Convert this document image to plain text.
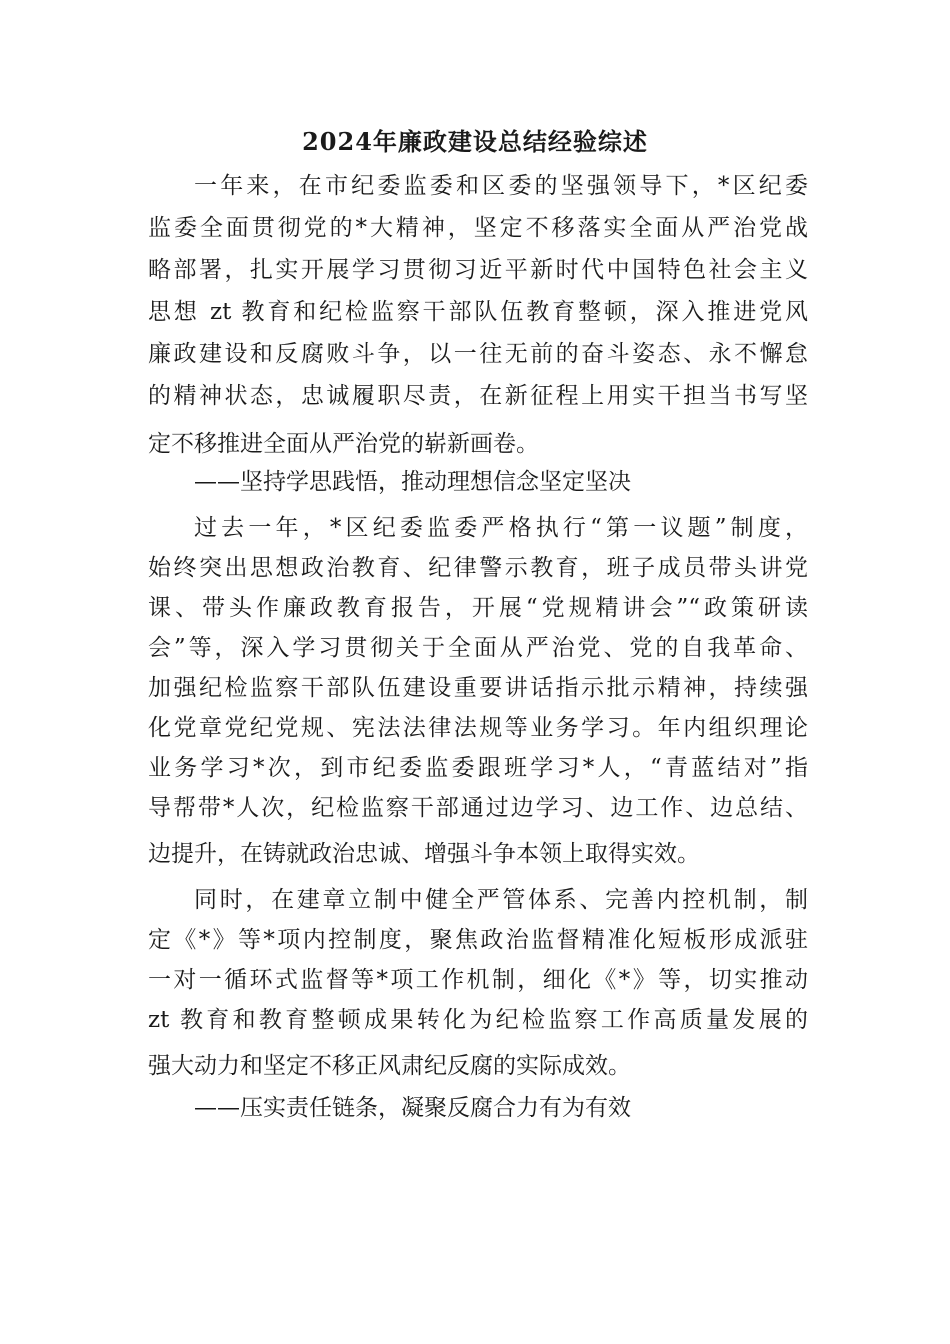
2024年廉政建设总结经验综述
一年来，在市纪委监委和区委的坚强领导下，*区纪委
监委全面贯彻党的*大精神，坚定不移落实全面从严治党战
略部署，扎实开展学习贯彻习近平新时代中国特色社会主义
思想 zt 教育和纪检监察干部队伍教育整顿，深入推进党风
廉政建设和反腐败斗争，以一往无前的奋斗姿态、永不懈怠
的精神状态，忠诚履职尽责，在新征程上用实干担当书写坚
定不移推进全面从严治党的崭新画卷。
——坚持学思践悟，推动理想信念坚定坚决
过去一年，*区纪委监委严格执行“第一议题”制度，
始终突出思想政治教育、纪律警示教育，班子成员带头讲党
课、带头作廉政教育报告，开展“党规精讲会”“政策研读
会”等，深入学习贯彻关于全面从严治党、党的自我革命、
加强纪检监察干部队伍建设重要讲话指示批示精神，持续强
化党章党纪党规、宪法法律法规等业务学习。年内组织理论
业务学习*次，到市纪委监委跟班学习*人，“青蓝结对”指
导帮带*人次，纪检监察干部通过边学习、边工作、边总结、
边提升，在铸就政治忠诚、增强斗争本领上取得实效。
同时，在建章立制中健全严管体系、完善内控机制，制
定《*》等*项内控制度，聚焦政治监督精准化短板形成派驻
一对一循环式监督等*项工作机制，细化《*》等，切实推动
zt 教育和教育整顿成果转化为纪检监察工作高质量发展的
强大动力和坚定不移正风肃纪反腐的实际成效。
——压实责任链条，凝聚反腐合力有为有效
